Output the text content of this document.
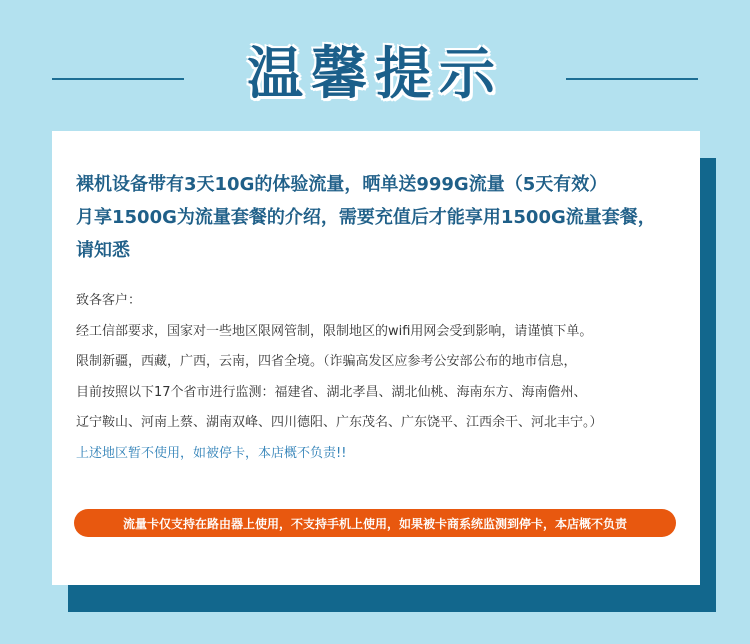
温馨提示
裸机设备带有3天10G的体验流量，晒单送999G流量（5天有效）
月享1500G为流量套餐的介绍，需要充值后才能享用1500G流量套餐，
请知悉
致各客户：
经工信部要求，国家对一些地区限网管制，限制地区的wifi用网会受到影响，请谨慎下单。
限制新疆，西藏，广西，云南，四省全境。（诈骗高发区应参考公安部公布的地市信息，
目前按照以下17个省市进行监测：福建省、湖北孝昌、湖北仙桃、海南东方、海南儋州、
辽宁鞍山、河南上蔡、湖南双峰、四川德阳、广东茂名、广东饶平、江西余干、河北丰宁。）
上述地区暂不使用，如被停卡，本店概不负责!!
流量卡仅支持在路由器上使用，不支持手机上使用，如果被卡商系统监测到停卡，本店概不负责
